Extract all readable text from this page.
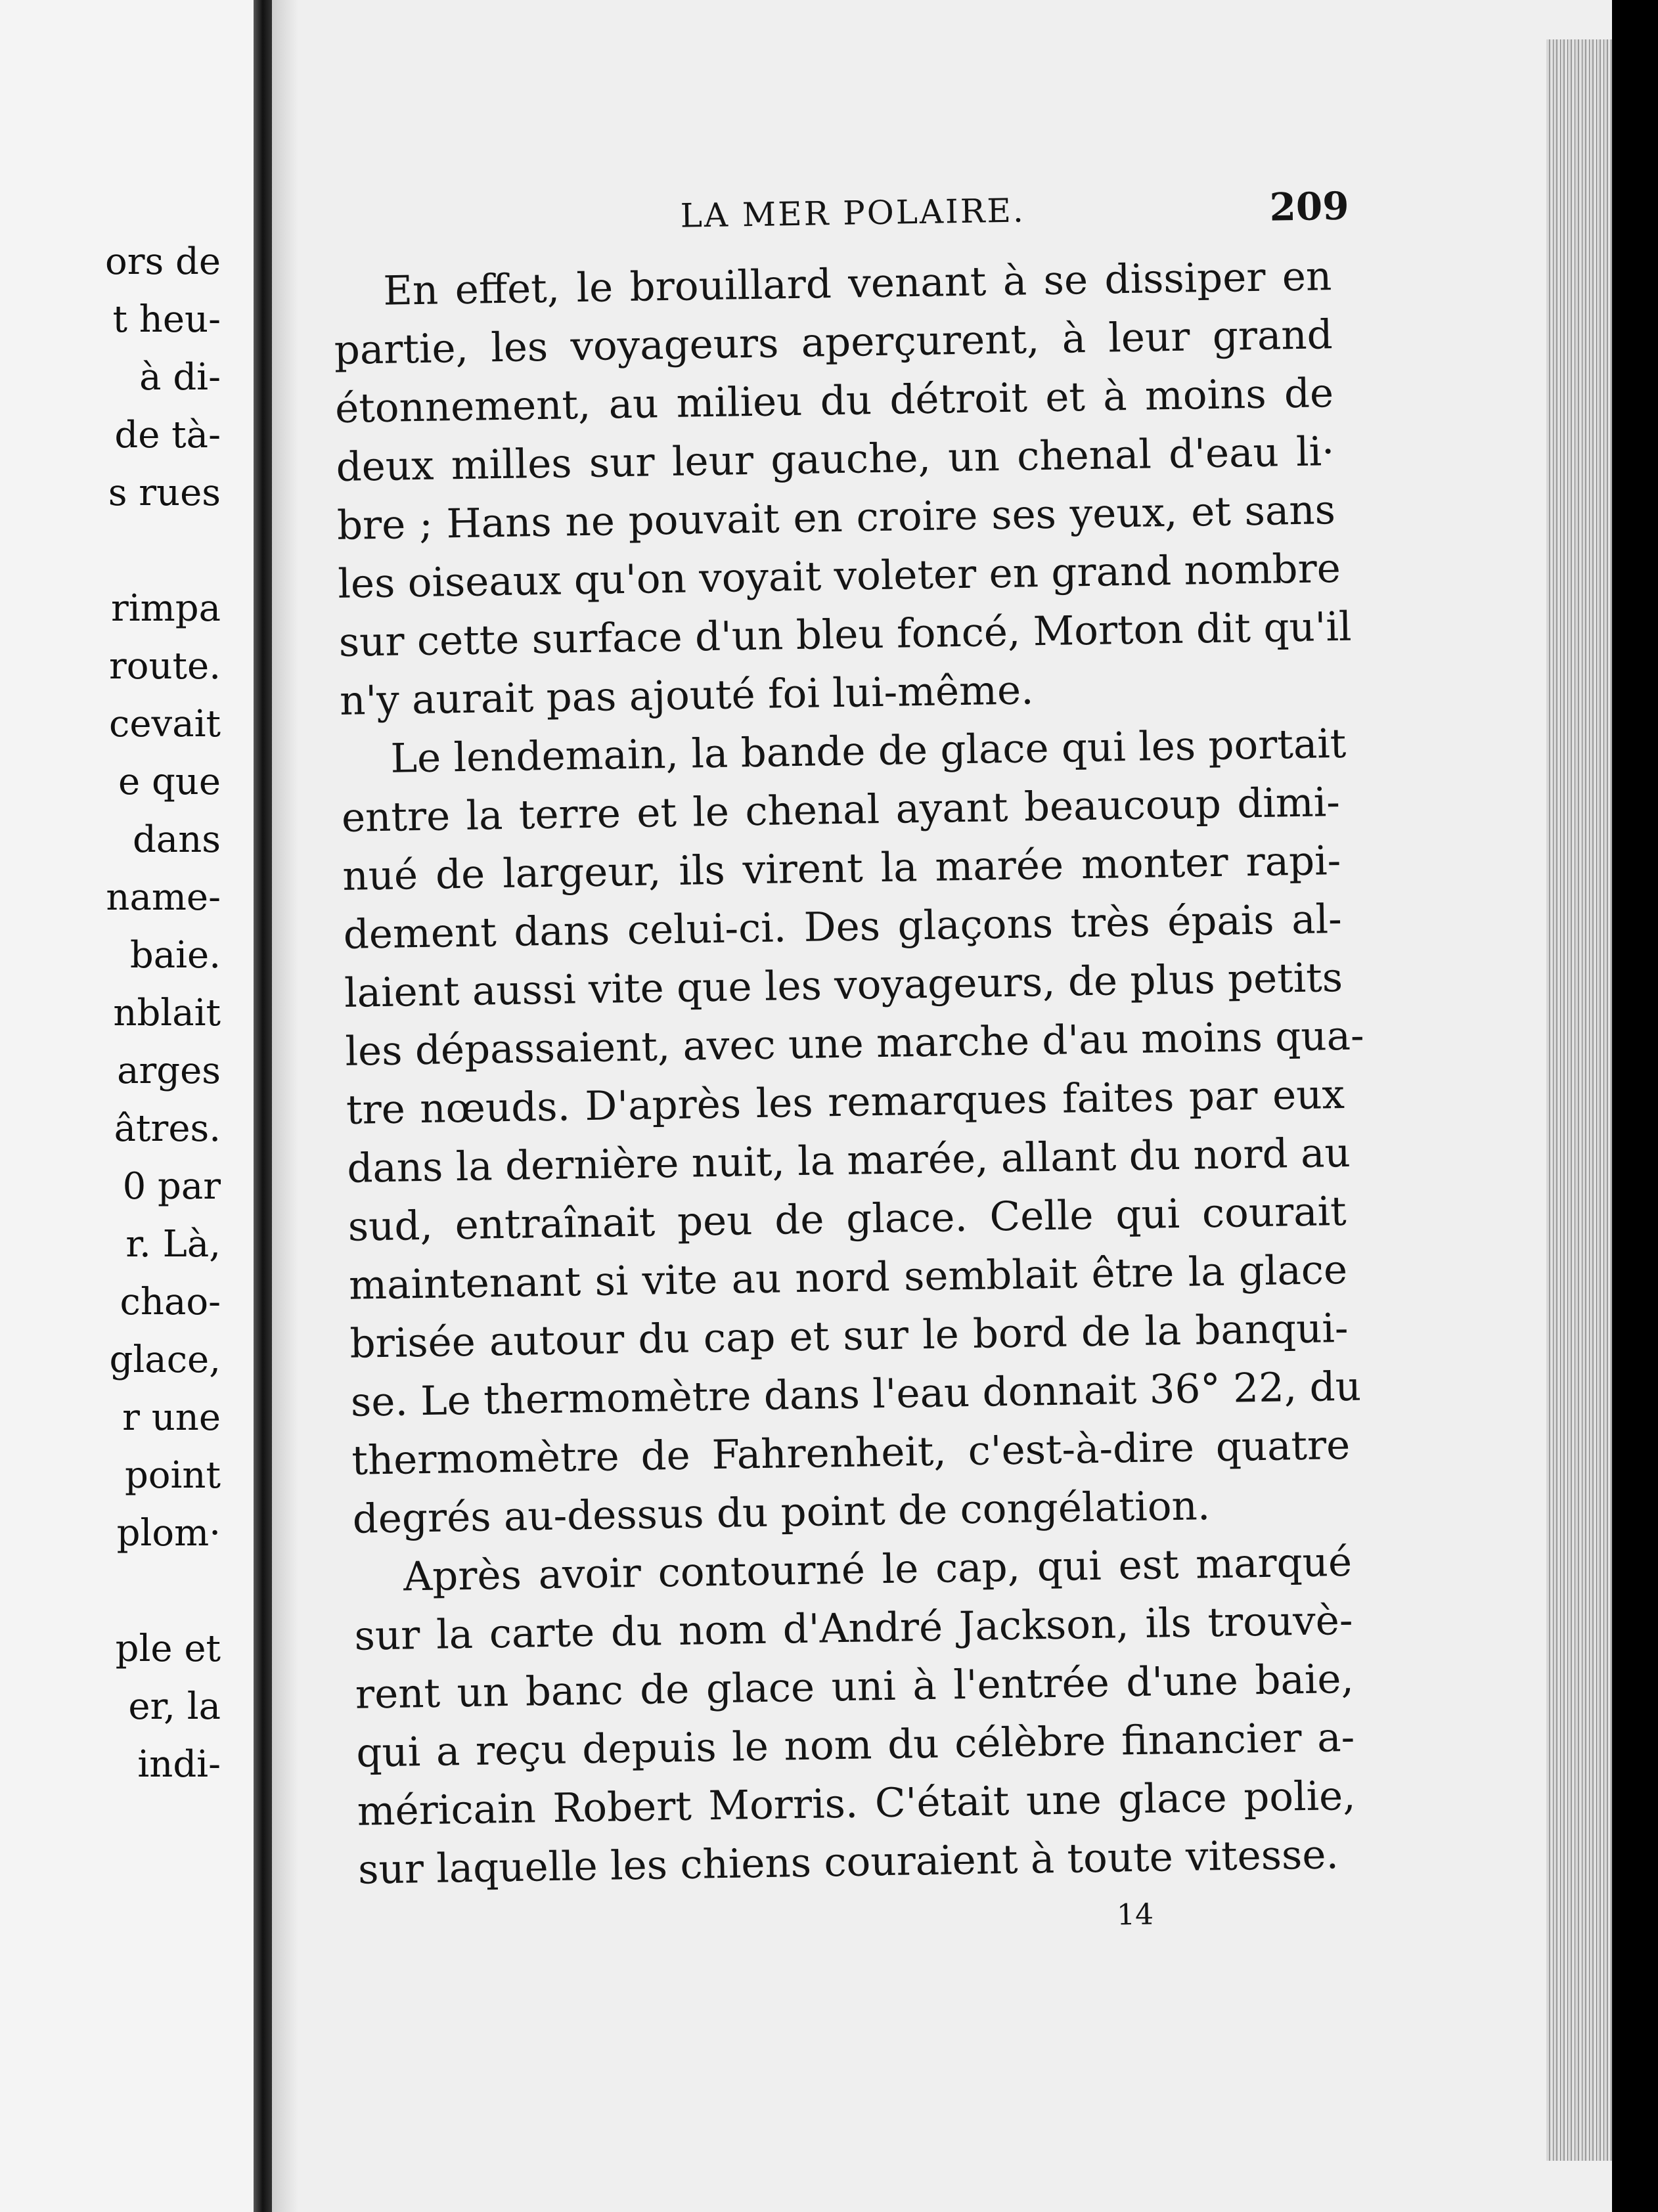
ors de
t heu-
à di-
de tà-
s rues
rimpa
route.
cevait
e que
dans
name-
baie.
nblait
arges
âtres.
0 par
r. Là,
chao-
glace,
r une
point
plom·
ple et
er, la
indi-
LA MER POLAIRE.	209
En effet, le brouillard venant à se dissiper en
partie, les voyageurs aperçurent, à leur grand
étonnement, au milieu du détroit et à moins de
deux milles sur leur gauche, un chenal d'eau li·
bre ; Hans ne pouvait en croire ses yeux, et sans
les oiseaux qu'on voyait voleter en grand nombre
sur cette surface d'un bleu foncé, Morton dit qu'il
n'y aurait pas ajouté foi lui-même.
Le lendemain, la bande de glace qui les portait
entre la terre et le chenal ayant beaucoup dimi-
nué de largeur, ils virent la marée monter rapi-
dement dans celui-ci. Des glaçons très épais al-
laient aussi vite que les voyageurs, de plus petits
les dépassaient, avec une marche d'au moins qua-
tre nœuds. D'après les remarques faites par eux
dans la dernière nuit, la marée, allant du nord au
sud, entraînait peu de glace. Celle qui courait
maintenant si vite au nord semblait être la glace
brisée autour du cap et sur le bord de la banqui-
se. Le thermomètre dans l'eau donnait 36° 22, du
thermomètre de Fahrenheit, c'est-à-dire quatre
degrés au-dessus du point de congélation.
Après avoir contourné le cap, qui est marqué
sur la carte du nom d'André Jackson, ils trouvè-
rent un banc de glace uni à l'entrée d'une baie,
qui a reçu depuis le nom du célèbre financier a-
méricain Robert Morris. C'était une glace polie,
sur laquelle les chiens couraient à toute vitesse.
14
